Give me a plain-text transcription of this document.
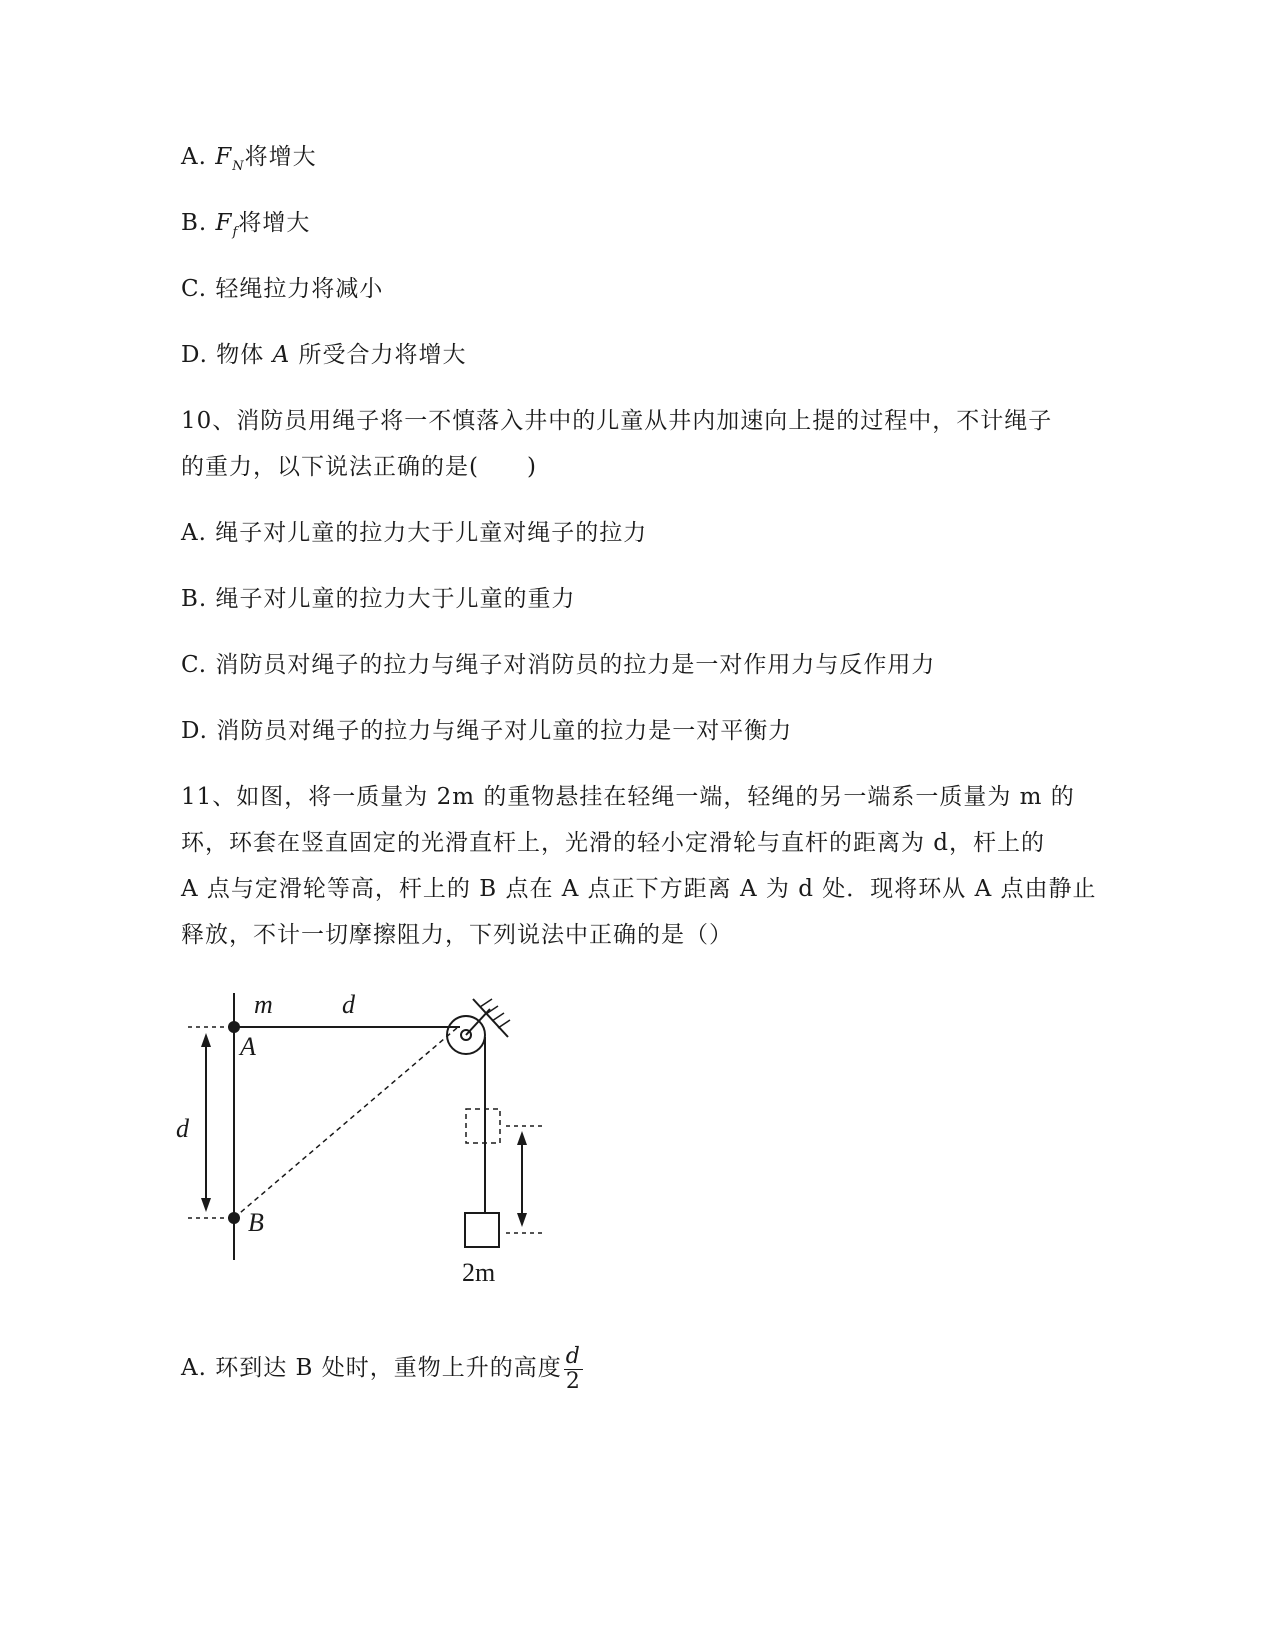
A. $F_N$将增大
B. $F_f$将增大
C. 轻绳拉力将减小
D. 物体 A 所受合力将增大
10、消防员用绳子将一不慎落入井中的儿童从井内加速向上提的过程中，不计绳子
的重力，以下说法正确的是(　　)
A. 绳子对儿童的拉力大于儿童对绳子的拉力
B. 绳子对儿童的拉力大于儿童的重力
C. 消防员对绳子的拉力与绳子对消防员的拉力是一对作用力与反作用力
D. 消防员对绳子的拉力与绳子对儿童的拉力是一对平衡力
11、如图，将一质量为 2m 的重物悬挂在轻绳一端，轻绳的另一端系一质量为 m 的
环，环套在竖直固定的光滑直杆上，光滑的轻小定滑轮与直杆的距离为 d，杆上的
A 点与定滑轮等高，杆上的 B 点在 A 点正下方距离 A 为 d 处．现将环从 A 点由静止
释放，不计一切摩擦阻力，下列说法中正确的是（）
m	d
A
d
B
2m
A. 环到达 B 处时，重物上升的高度 $\frac{d}{2}$
